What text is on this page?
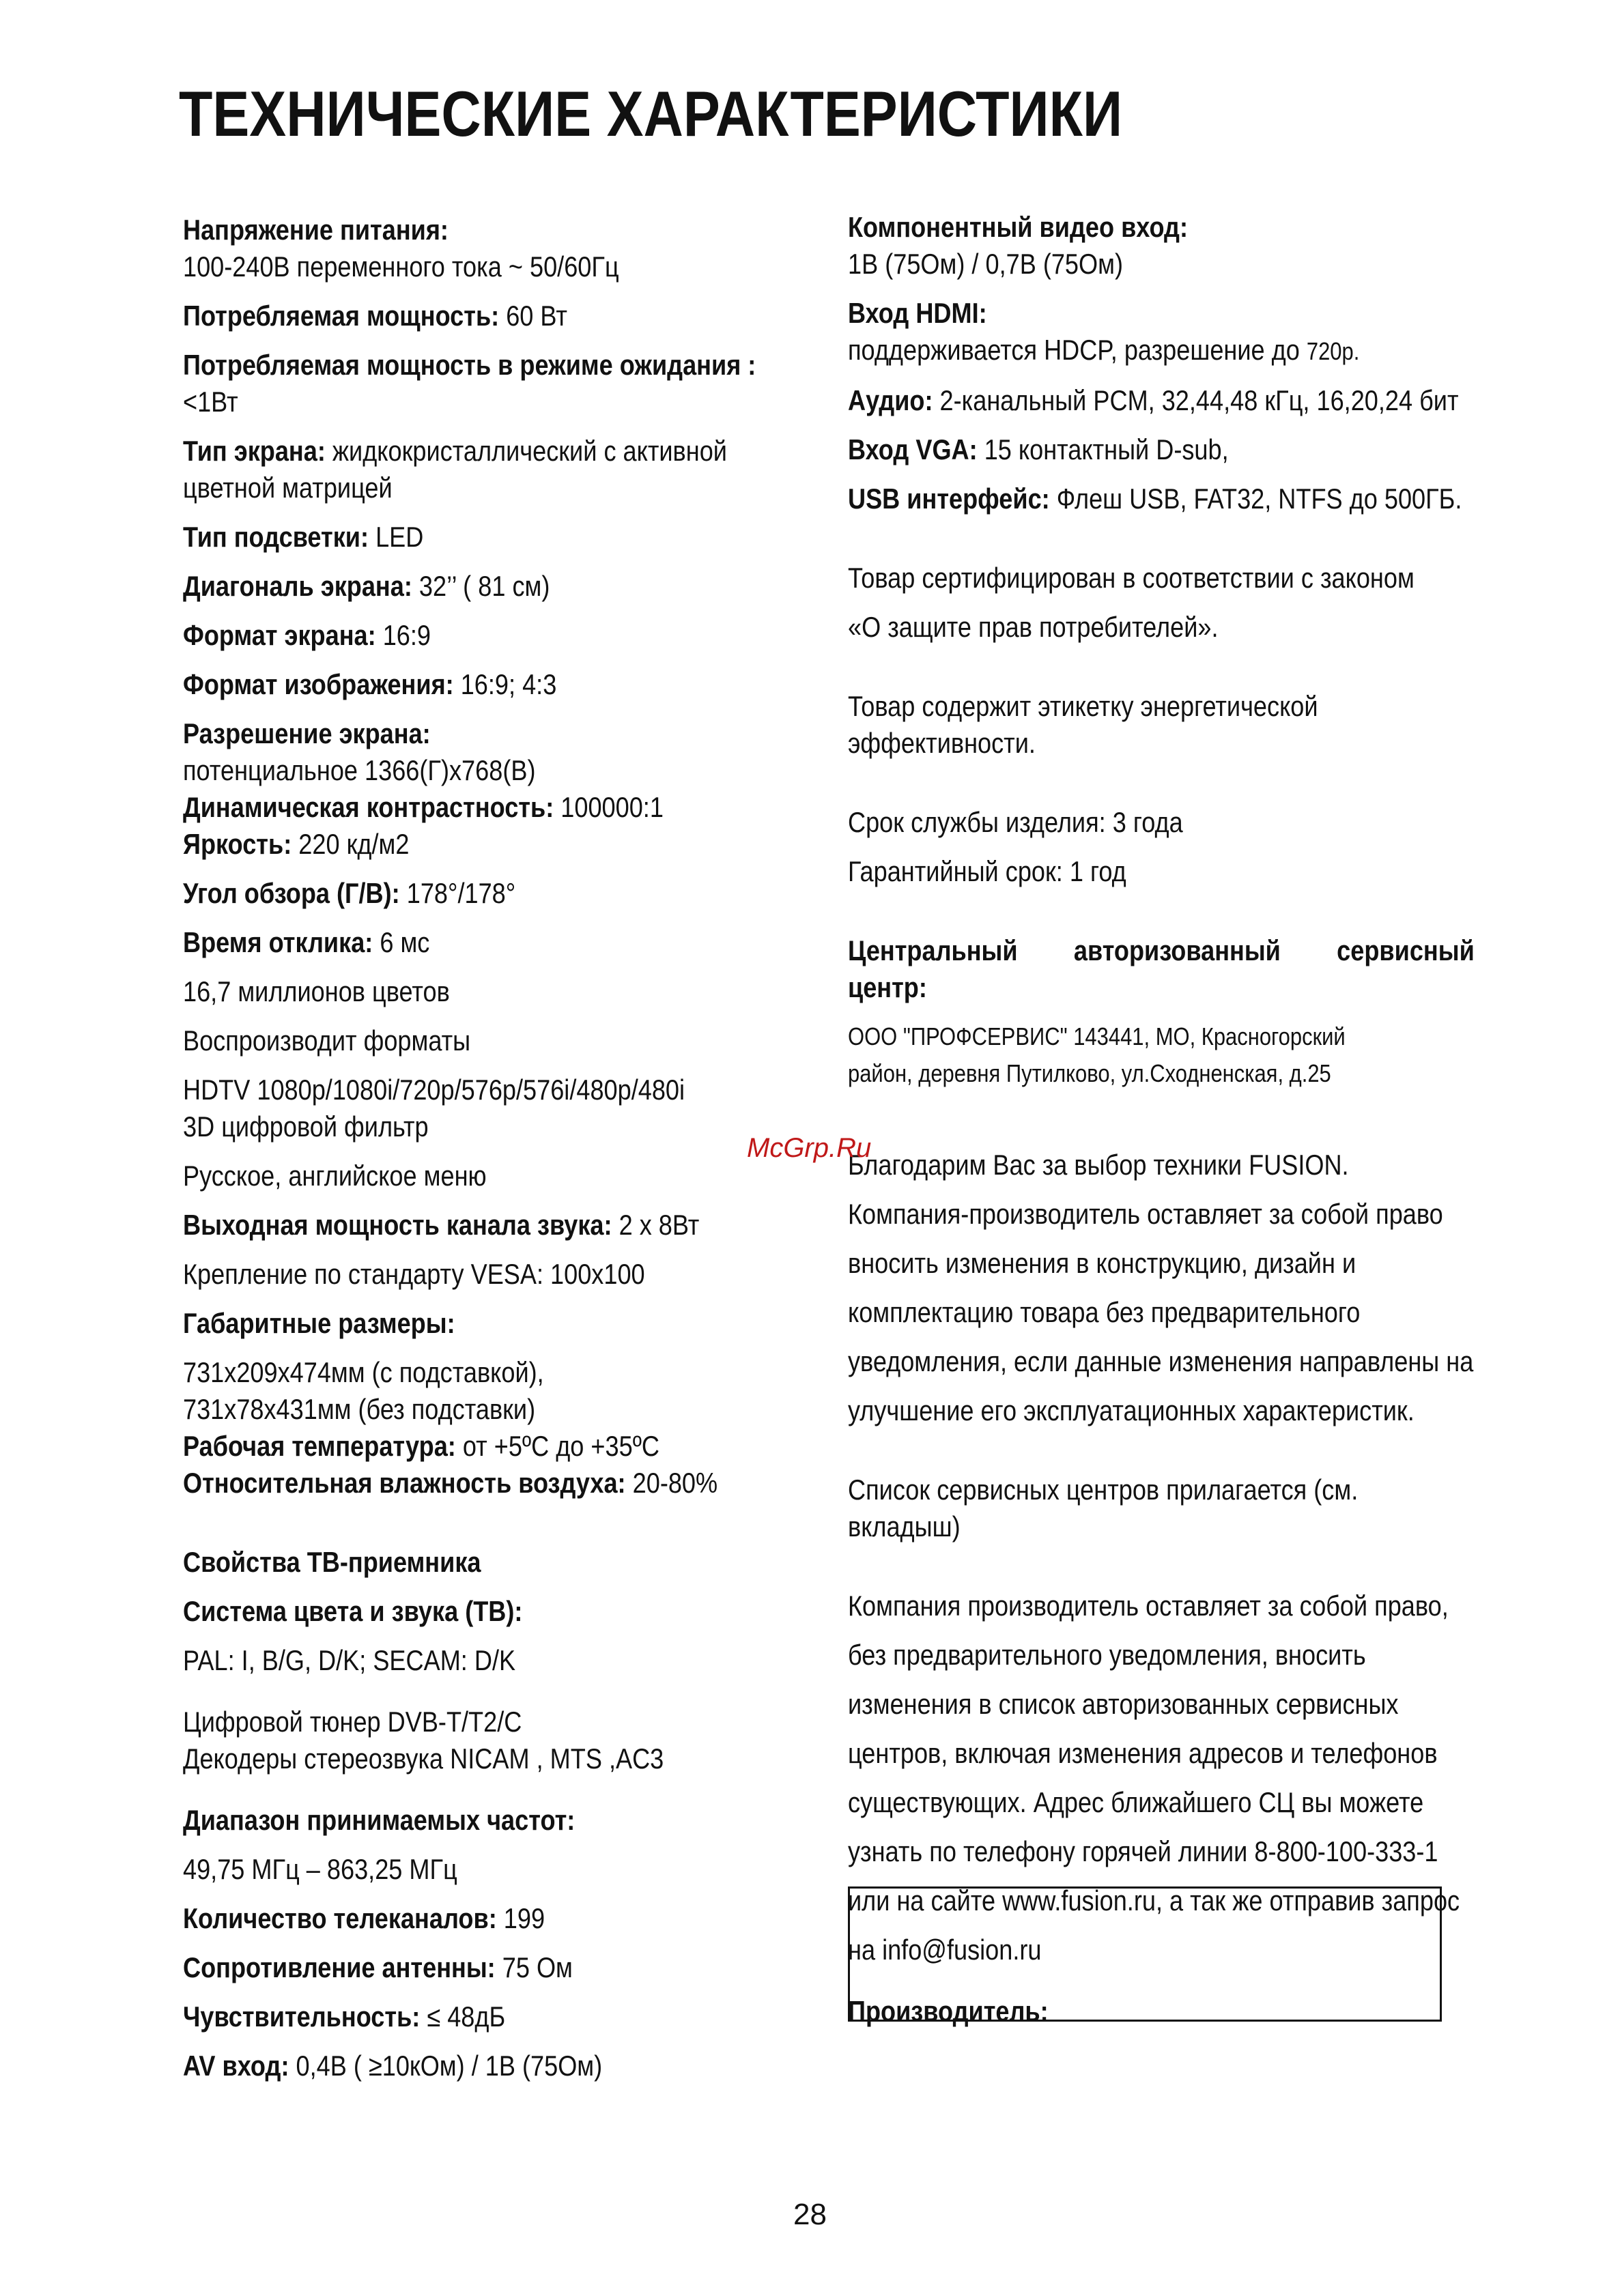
ТЕХНИЧЕСКИЕ ХАРАКТЕРИСТИКИ

Напряжение питания:

100-240В переменного тока ~ 50/60Гц

Потребляемая мощность: 60 Вт

Потребляемая мощность в режиме ожидания :

<1Вт

Тип экрана: жидкокристаллический с активной

цветной матрицей

Тип подсветки: LED

Диагональ экрана: 32’’ ( 81 см)

Формат экрана: 16:9

Формат изображения: 16:9; 4:3

Разрешение экрана:

потенциальное 1366(Г)x768(В)

Динамическая контрастность: 100000:1

Яркость: 220 кд/м2

Угол обзора (Г/В): 178°/178°

Время отклика: 6 мс

16,7 миллионов цветов

Воспроизводит форматы

HDTV 1080p/1080i/720p/576p/576i/480p/480i

3D цифровой фильтр

Русское, английское меню

Выходная мощность канала звука: 2 x 8Вт

Крепление по стандарту VESA: 100x100

Габаритные размеры:

731x209x474мм (с подставкой),

731x78x431мм (без подставки)

Рабочая температура: от +5ºС до +35ºС

Относительная влажность воздуха: 20-80%

Свойства ТВ-приемника

Система цвета и звука (ТВ):

PAL: I, B/G, D/K; SECAM: D/K

Цифровой тюнер DVB-T/T2/C

Декодеры стереозвука NICAM , MTS ,AC3

Диапазон принимаемых частот:

49,75 МГц – 863,25 МГц

Количество телеканалов: 199

Сопротивление антенны: 75 Ом

Чувствительность: ≤ 48дБ

AV вход: 0,4В ( ≥10кОм) / 1В (75Ом)

Компонентный видео вход:

1В (75Ом) / 0,7В (75Ом)

Вход HDMI:

поддерживается HDCP, разрешение до 720p.

Аудио: 2-канальный PCM, 32,44,48 кГц, 16,20,24 бит

Вход VGA: 15 контактный D-sub,

USB интерфейс: Флеш USB, FAT32, NTFS до 500ГБ.

Товар сертифицирован в соответствии с законом

«О защите прав потребителей».

Товар содержит этикетку энергетической эффективности.

Срок службы изделия: 3 года

Гарантийный срок: 1 год

Центральный авторизованный сервисный

центр:

ООО "ПРОФСЕРВИС" 143441, МО, Красногорский

район, деревня Путилково, ул.Сходненская, д.25

Благодарим Вас за выбор техники FUSION.

Компания-производитель оставляет за собой право

вносить изменения в конструкцию, дизайн и

комплектацию товара без предварительного

уведомления, если данные изменения направлены на

улучшение его эксплуатационных характеристик.

Список сервисных центров прилагается (см. вкладыш)

Компания производитель оставляет за собой право,

без предварительного уведомления, вносить

изменения в список авторизованных сервисных

центров, включая изменения адресов и телефонов

существующих. Адрес ближайшего СЦ вы можете

узнать по телефону горячей линии 8-800-100-333-1

или на сайте www.fusion.ru, а так же отправив запрос

на info@fusion.ru

Производитель:

McGrp.Ru
28
